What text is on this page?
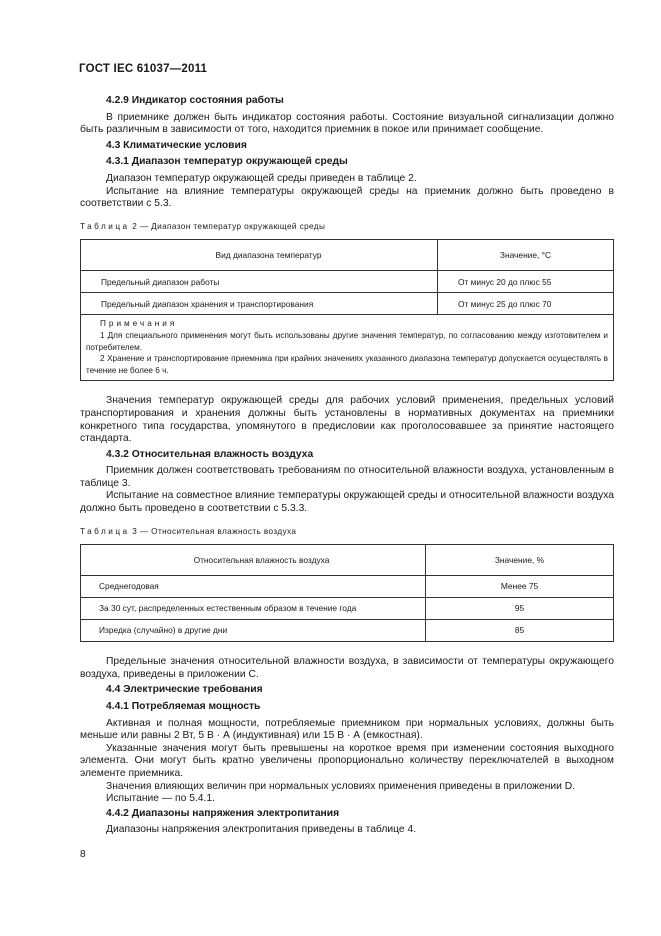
ГОСТ IEC 61037—2011
4.2.9 Индикатор состояния работы

В приемнике должен быть индикатор состояния работы. Состояние визуальной сигнализации должно быть различным в зависимости от того, находится приемник в покое или принимает сообщение.

4.3 Климатические условия
4.3.1 Диапазон температур окружающей среды

Диапазон температур окружающей среды приведен в таблице 2.

Испытание на влияние температуры окружающей среды на приемник должно быть проведено в соответствии с 5.3.

Таблица 2 — Диапазон температур окружающей среды
Вид диапазона температур	Значение, °С
Предельный диапазон работы	От минус 20 до плюс 55
Предельный диапазон хранения и транспортирования	От минус 25 до плюс 70

Примечания
1 Для специального применения могут быть использованы другие значения температур, по согласованию между изготовителем и потребителем.
2 Хранение и транспортирование приемника при крайних значениях указанного диапазона температур допускается осуществлять в течение не более 6 ч.	

Значения температур окружающей среды для рабочих условий применения, предельных условий транспортирования и хранения должны быть установлены в нормативных документах на приемники конкретного типа государства, упомянутого в предисловии как проголосовавшее за принятие настоящего стандарта.

4.3.2 Относительная влажность воздуха

Приемник должен соответствовать требованиям по относительной влажности воздуха, установленным в таблице 3.

Испытание на совместное влияние температуры окружающей среды и относительной влажности воздуха должно быть проведено в соответствии с 5.3.3.

Таблица 3 — Относительная влажность воздуха
Относительная влажность воздуха	Значение, %
Среднегодовая	Менее 75
За 30 сут, распределенных естественным образом в течение года	95
Изредка (случайно) в другие дни	85

Предельные значения относительной влажности воздуха, в зависимости от температуры окружающего воздуха, приведены в приложении С.

4.4 Электрические требования
4.4.1 Потребляемая мощность

Активная и полная мощности, потребляемые приемником при нормальных условиях, должны быть меньше или равны 2 Вт, 5 В · А (индуктивная) или 15 В · А (емкостная).

Указанные значения могут быть превышены на короткое время при изменении состояния выходного элемента. Они могут быть кратно увеличены пропорционально количеству переключателей в выходном элементе приемника.

Значения влияющих величин при нормальных условиях применения приведены в приложении D.

Испытание — по 5.4.1.

4.4.2 Диапазоны напряжения электропитания

Диапазоны напряжения электропитания приведены в таблице 4.

8
